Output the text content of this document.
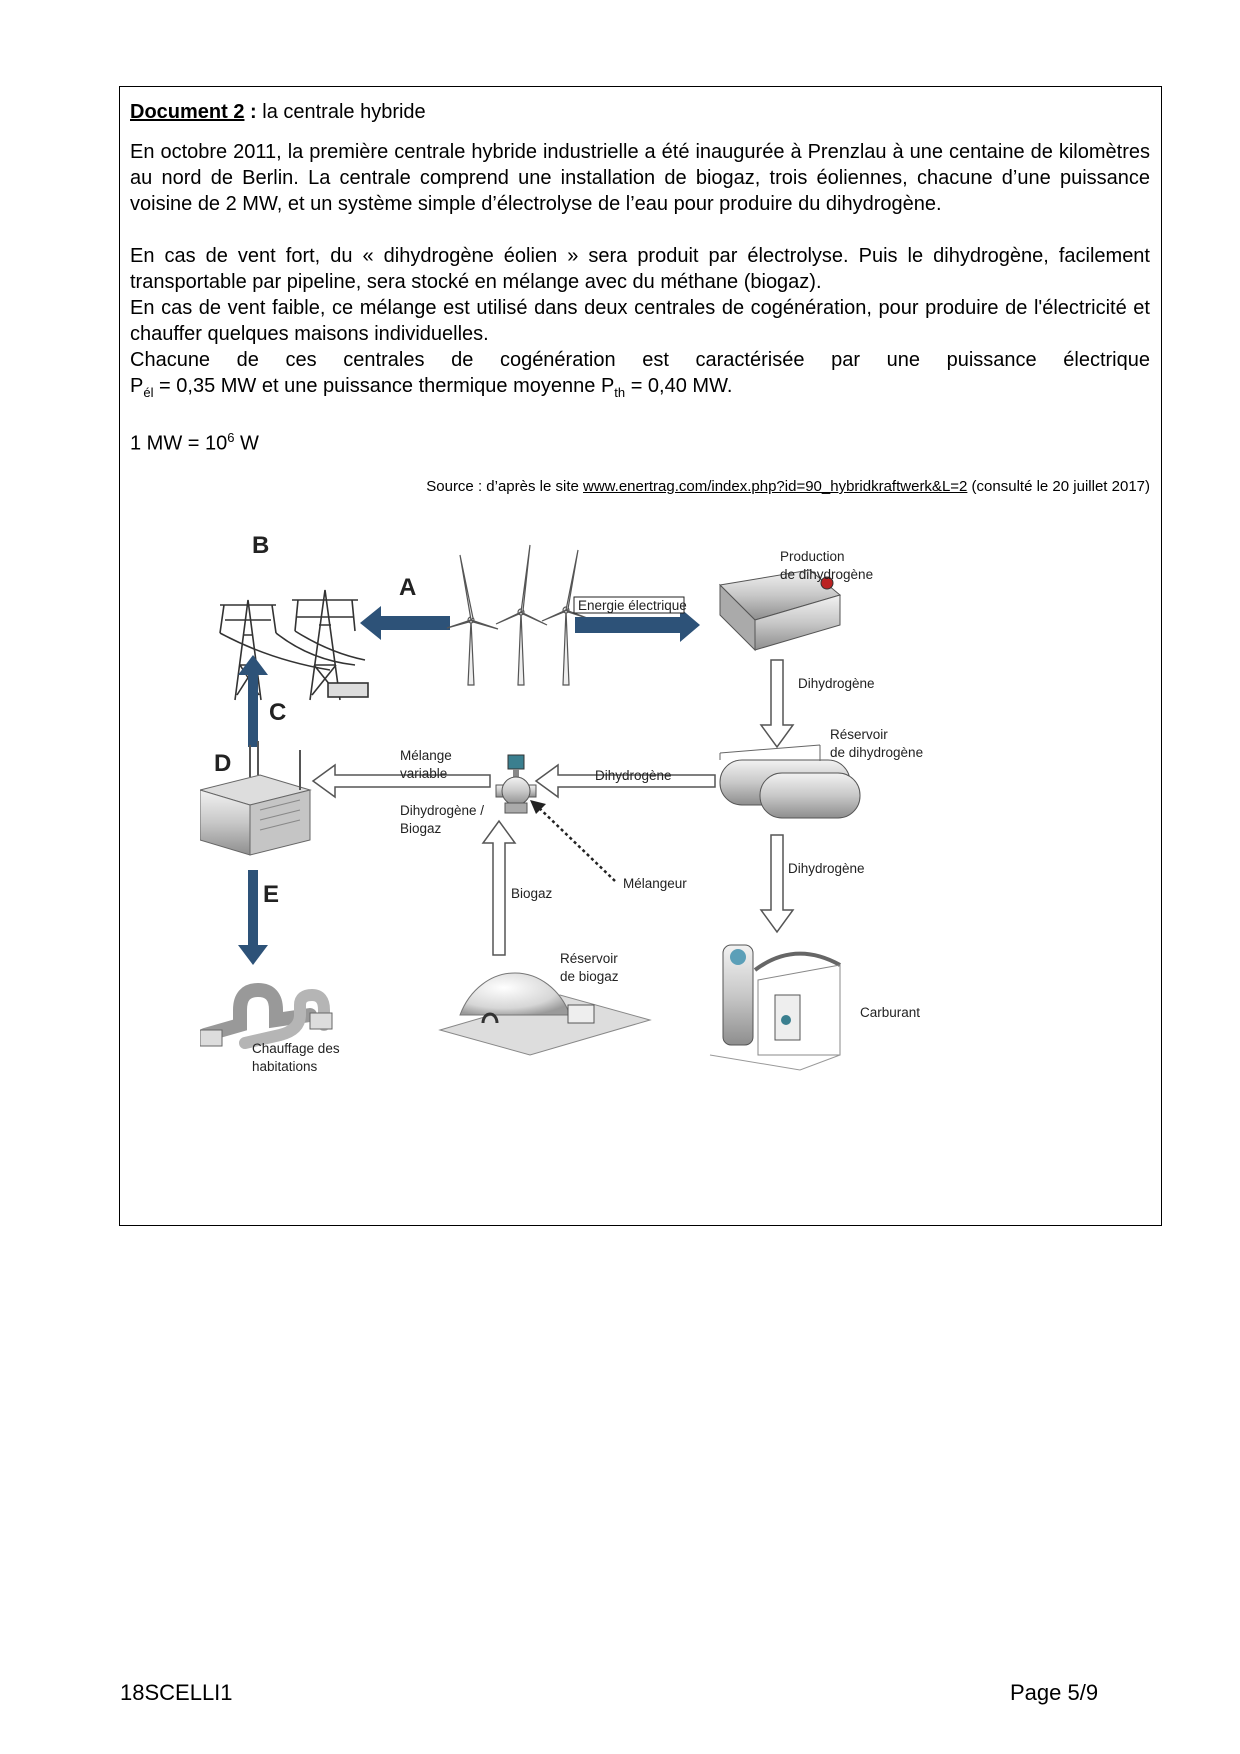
Document 2 : la centrale hybride
En octobre 2011, la première centrale hybride industrielle a été inaugurée à Prenzlau à une centaine de kilomètres au nord de Berlin. La centrale comprend une installation de biogaz, trois éoliennes, chacune d’une puissance voisine de 2 MW, et un système simple d’électrolyse de l’eau pour produire du dihydrogène.
En cas de vent fort, du « dihydrogène éolien » sera produit par électrolyse. Puis le dihydrogène, facilement transportable par pipeline, sera stocké en mélange avec du méthane (biogaz).
En cas de vent faible, ce mélange est utilisé dans deux centrales de cogénération, pour produire de l'électricité et chauffer quelques maisons individuelles.
Chacune de ces centrales de cogénération est caractérisée par une puissance électrique
$P_{él} = 0,35$ MW et une puissance thermique moyenne $P_{th} = 0,40$ MW.
1 MW = $10^6$ W
Source : d’après le site www.enertrag.com/index.php?id=90_hybridkraftwerk&L=2 (consulté le 20 juillet 2017)
B
A
Energie électrique
Production
de dihydrogène
Dihydrogène
Réservoir
de dihydrogène
Dihydrogène
Mélange
variable
Dihydrogène /
Biogaz
Mélangeur
Biogaz
Réservoir
de biogaz
Dihydrogène
Carburant
C
D
E
Chauffage des
habitations
18SCELLI1	Page 5/9
